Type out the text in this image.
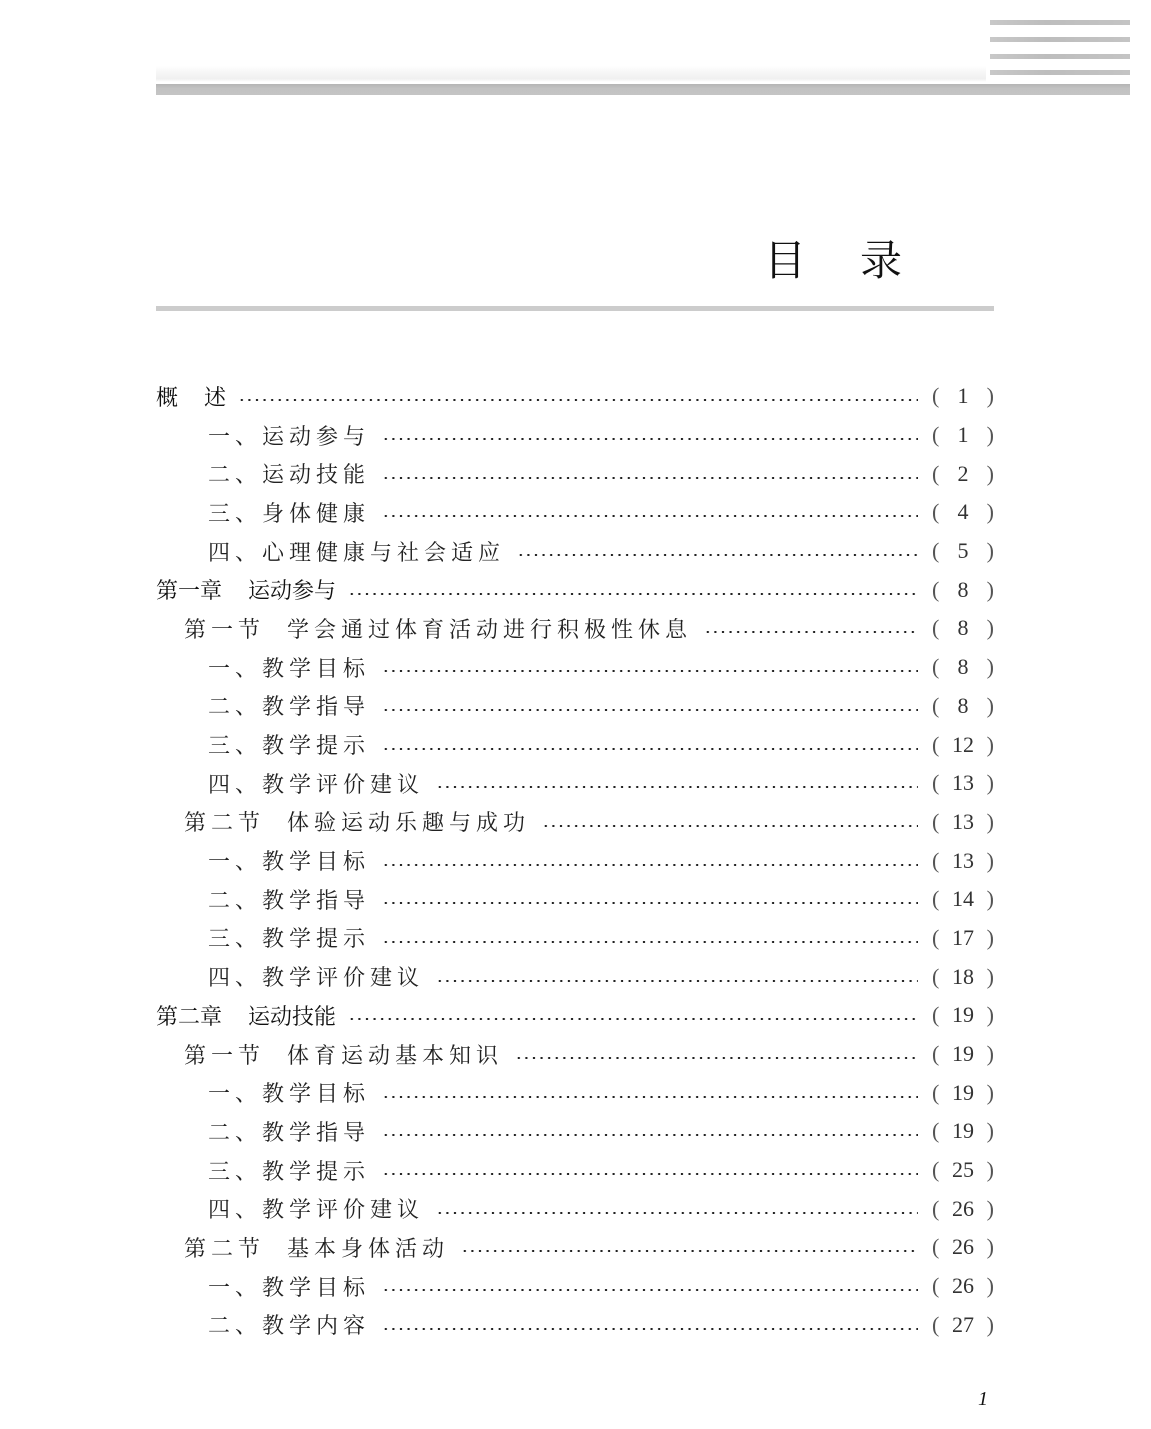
目 录
概 述	( 1 )
一、运动参与	( 1 )
二、运动技能	( 2 )
三、身体健康	( 4 )
四、心理健康与社会适应	( 5 )
第一章 运动参与	( 8 )
第一节 学会通过体育活动进行积极性休息	( 8 )
一、教学目标	( 8 )
二、教学指导	( 8 )
三、教学提示	( 12 )
四、教学评价建议	( 13 )
第二节 体验运动乐趣与成功	( 13 )
一、教学目标	( 13 )
二、教学指导	( 14 )
三、教学提示	( 17 )
四、教学评价建议	( 18 )
第二章 运动技能	( 19 )
第一节 体育运动基本知识	( 19 )
一、教学目标	( 19 )
二、教学指导	( 19 )
三、教学提示	( 25 )
四、教学评价建议	( 26 )
第二节 基本身体活动	( 26 )
一、教学目标	( 26 )
二、教学内容	( 27 )
1
